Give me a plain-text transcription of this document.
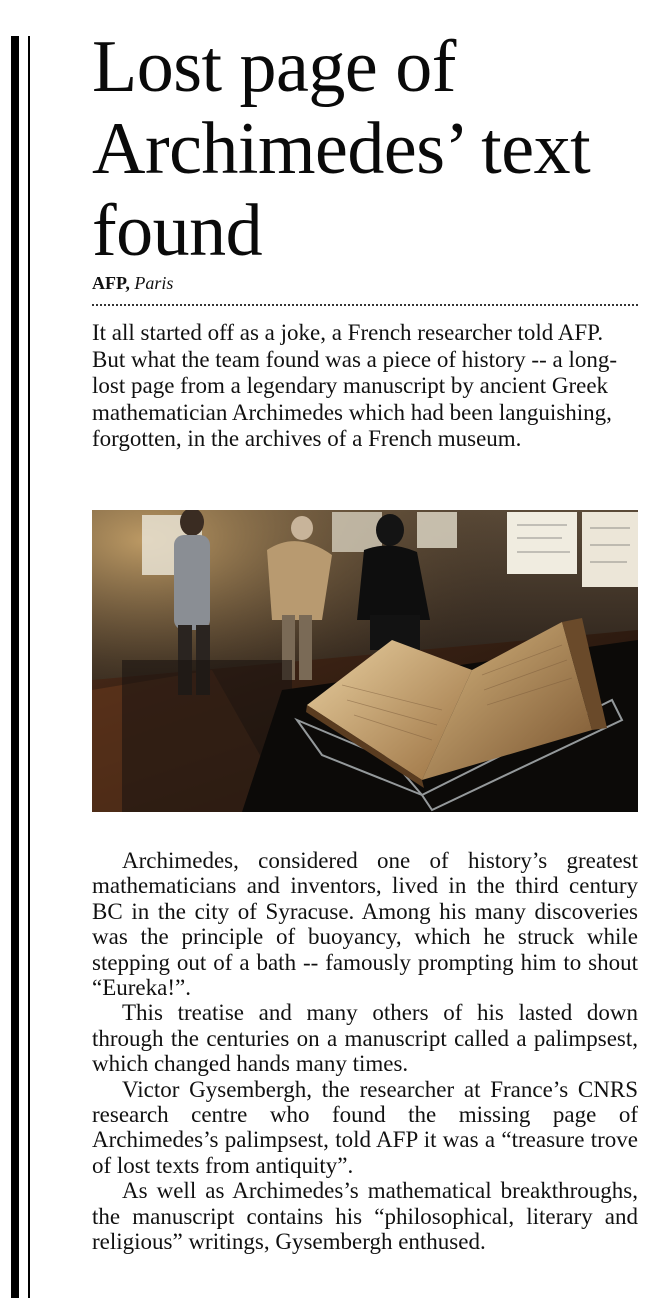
Lost page of Archimedes’ text found
AFP, Paris

It all started off as a joke, a French researcher told AFP. But what the team found was a piece of history -- a long-lost page from a legendary manuscript by ancient Greek mathematician Archimedes which had been languishing, forgotten, in the archives of a French museum.

Archimedes, considered one of history’s greatest mathematicians and inventors, lived in the third century BC in the city of Syracuse. Among his many discoveries was the principle of buoyancy, which he struck while stepping out of a bath -- famously prompting him to shout “Eureka!”.

This treatise and many others of his lasted down through the centuries on a manuscript called a palimpsest, which changed hands many times.

Victor Gysembergh, the researcher at France’s CNRS research centre who found the missing page of Archimedes’s palimpsest, told AFP it was a “treasure trove of lost texts from antiquity”.

As well as Archimedes’s mathematical breakthroughs, the manuscript contains his “philosophical, literary and religious” writings, Gysembergh enthused.
